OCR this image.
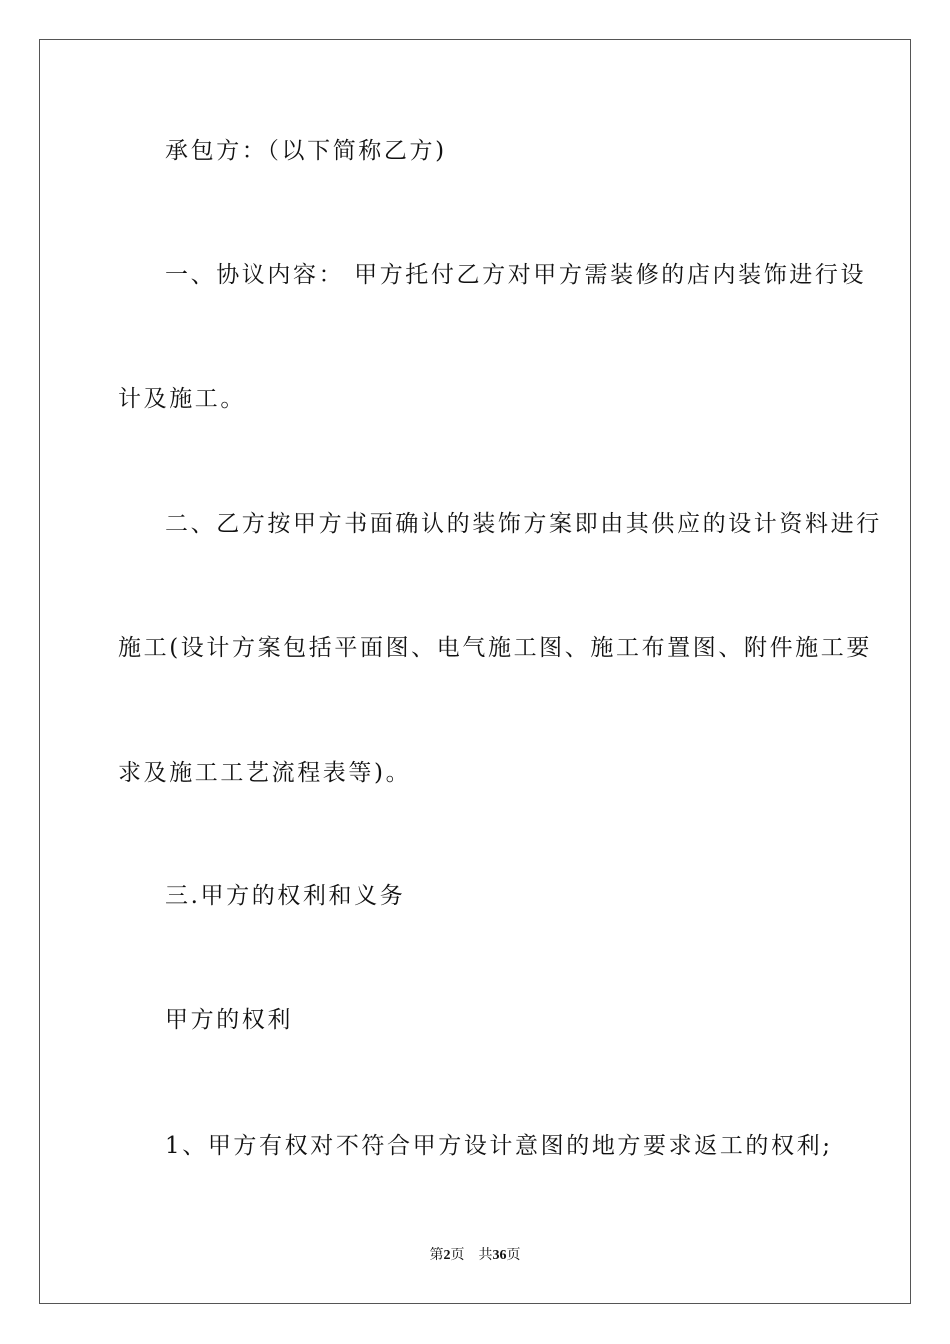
承包方：（以下简称乙方)
一、协议内容： 甲方托付乙方对甲方需装修的店内装饰进行设
计及施工。
二、乙方按甲方书面确认的装饰方案即由其供应的设计资料进行
施工(设计方案包括平面图、电气施工图、施工布置图、附件施工要
求及施工工艺流程表等)。
三.甲方的权利和义务
甲方的权利
1、甲方有权对不符合甲方设计意图的地方要求返工的权利;
第2页 共36页
